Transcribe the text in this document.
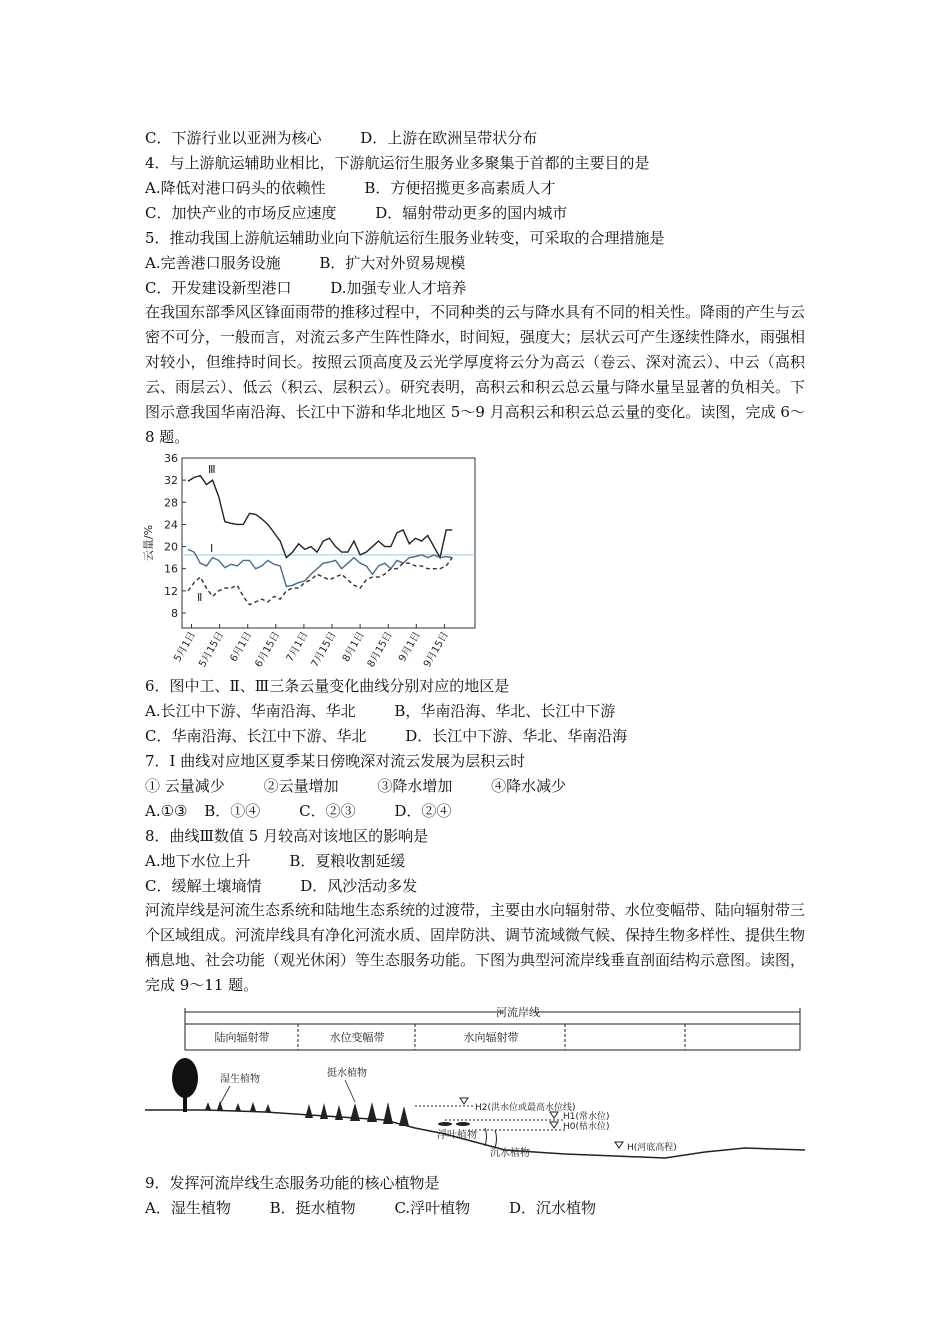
C．下游行业以亚洲为核心	D．上游在欧洲呈带状分布
4．与上游航运辅助业相比，下游航运衍生服务业多聚集于首都的主要目的是
A.降低对港口码头的依赖性	B．方便招揽更多高素质人才
C．加快产业的市场反应速度	D．辐射带动更多的国内城市
5．推动我国上游航运辅助业向下游航运衍生服务业转变，可采取的合理措施是
A.完善港口服务设施	B．扩大对外贸易规模
C．开发建设新型港口	D.加强专业人才培养
在我国东部季风区锋面雨带的推移过程中，不同种类的云与降水具有不同的相关性。降雨的产生与云密不可分，一般而言，对流云多产生阵性降水，时间短，强度大；层状云可产生逐续性降水，雨强相对较小，但维持时间长。按照云顶高度及云光学厚度将云分为高云（卷云、深对流云）、中云（高积云、雨层云）、低云（积云、层积云）。研究表明，高积云和积云总云量与降水量呈显著的负相关。下图示意我国华南沿海、长江中下游和华北地区 5～9 月高积云和积云总云量的变化。读图，完成 6～8 题。
云量/%
36
32
28
24
20
16
12
8
5月1日 5月15日 6月1日 6月15日 7月1日 7月15日 8月1日 8月15日 9月1日 9月15日
Ⅲ
Ⅰ
Ⅱ
6．图中工、Ⅱ、Ⅲ三条云量变化曲线分别对应的地区是
A.长江中下游、华南沿海、华北	B，华南沿海、华北、长江中下游
C．华南沿海、长江中下游、华北	D．长江中下游、华北、华南沿海
7．I 曲线对应地区夏季某日傍晚深对流云发展为层积云时
① 云量减少	②云量增加	③降水增加	④降水减少
A.①③ B．①④	C．②③	D．②④
8．曲线Ⅲ数值 5 月较高对该地区的影响是
A.地下水位上升	B．夏粮收割延缓
C．缓解土壤墒情	D．风沙活动多发
河流岸线是河流生态系统和陆地生态系统的过渡带，主要由水向辐射带、水位变幅带、陆向辐射带三个区域组成。河流岸线具有净化河流水质、固岸防洪、调节流域微气候、保持生物多样性、提供生物栖息地、社会功能（观光休闲）等生态服务功能。下图为典型河流岸线垂直剖面结构示意图。读图，完成 9～11 题。
河流岸线
陆向辐射带	水位变幅带	水向辐射带
湿生植物
挺水植物
浮叶植物
沉水植物
H2(洪水位或最高水位线)
H1(常水位)
H0(枯水位)
H(河底高程)
9．发挥河流岸线生态服务功能的核心植物是
A．湿生植物	B．挺水植物	C.浮叶植物	D．沉水植物
